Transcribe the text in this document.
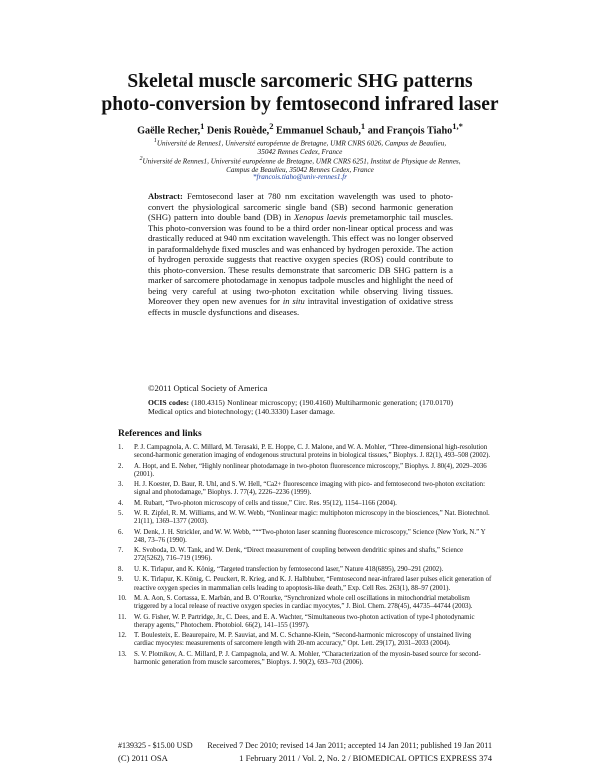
Skeletal muscle sarcomeric SHG patterns
photo-conversion by femtosecond infrared laser
Gaëlle Recher,$^1$ Denis Rouède,$^2$ Emmanuel Schaub,$^1$ and François Tiaho$^{1,*}$
$^1$Université de Rennes1, Université européenne de Bretagne, UMR CNRS 6026, Campus de Beaulieu,
35042 Rennes Cedex, France
$^2$Université de Rennes1, Université européenne de Bretagne, UMR CNRS 6251, Institut de Physique de Rennes,
Campus de Beaulieu, 35042 Rennes Cedex, France
*francois.tiaho@univ-rennes1.fr
Abstract: Femtosecond laser at 780 nm excitation wavelength was used to photo-convert the physiological sarcomeric single band (SB) second harmonic generation (SHG) pattern into double band (DB) in Xenopus laevis premetamorphic tail muscles. This photo-conversion was found to be a third order non-linear optical process and was drastically reduced at 940 nm excitation wavelength. This effect was no longer observed in paraformaldehyde fixed muscles and was enhanced by hydrogen peroxide. The action of hydrogen peroxide suggests that reactive oxygen species (ROS) could contribute to this photo-conversion. These results demonstrate that sarcomeric DB SHG pattern is a marker of sarcomere photodamage in xenopus tadpole muscles and highlight the need of being very careful at using two-photon excitation while observing living tissues. Moreover they open new avenues for in situ intravital investigation of oxidative stress effects in muscle dysfunctions and diseases.
©2011 Optical Society of America
OCIS codes: (180.4315) Nonlinear microscopy; (190.4160) Multiharmonic generation; (170.0170) Medical optics and biotechnology; (140.3330) Laser damage.
References and links
1. P. J. Campagnola, A. C. Millard, M. Terasaki, P. E. Hoppe, C. J. Malone, and W. A. Mohler, “Three-dimensional high-resolution second-harmonic generation imaging of endogenous structural proteins in biological tissues,” Biophys. J. 82(1), 493–508 (2002).
2. A. Hopt, and E. Neher, “Highly nonlinear photodamage in two-photon fluorescence microscopy,” Biophys. J. 80(4), 2029–2036 (2001).
3. H. J. Koester, D. Baur, R. Uhl, and S. W. Hell, “Ca2+ fluorescence imaging with pico- and femtosecond two-photon excitation: signal and photodamage,” Biophys. J. 77(4), 2226–2236 (1999).
4. M. Rubart, “Two-photon microscopy of cells and tissue,” Circ. Res. 95(12), 1154–1166 (2004).
5. W. R. Zipfel, R. M. Williams, and W. W. Webb, “Nonlinear magic: multiphoton microscopy in the biosciences,” Nat. Biotechnol. 21(11), 1369–1377 (2003).
6. W. Denk, J. H. Strickler, and W. W. Webb, “““Two-photon laser scanning fluorescence microscopy,” Science (New York, N.” Y 248, 73–76 (1990).
7. K. Svoboda, D. W. Tank, and W. Denk, “Direct measurement of coupling between dendritic spines and shafts,” Science 272(5262), 716–719 (1996).
8. U. K. Tirlapur, and K. König, “Targeted transfection by femtosecond laser,” Nature 418(6895), 290–291 (2002).
9. U. K. Tirlapur, K. König, C. Peuckert, R. Krieg, and K. J. Halbhuber, “Femtosecond near-infrared laser pulses elicit generation of reactive oxygen species in mammalian cells leading to apoptosis-like death,” Exp. Cell Res. 263(1), 88–97 (2001).
10. M. A. Aon, S. Cortassa, E. Marbán, and B. O’Rourke, “Synchronized whole cell oscillations in mitochondrial metabolism triggered by a local release of reactive oxygen species in cardiac myocytes,” J. Biol. Chem. 278(45), 44735–44744 (2003).
11. W. G. Fisher, W. P. Partridge, Jr., C. Dees, and E. A. Wachter, “Simultaneous two-photon activation of type-I photodynamic therapy agents,” Photochem. Photobiol. 66(2), 141–155 (1997).
12. T. Boulesteix, E. Beaurepaire, M. P. Sauviat, and M. C. Schanne-Klein, “Second-harmonic microscopy of unstained living cardiac myocytes: measurements of sarcomere length with 20-nm accuracy,” Opt. Lett. 29(17), 2031–2033 (2004).
13. S. V. Plotnikov, A. C. Millard, P. J. Campagnola, and W. A. Mohler, “Characterization of the myosin-based source for second-harmonic generation from muscle sarcomeres,” Biophys. J. 90(2), 693–703 (2006).
#139325 - $15.00 USD Received 7 Dec 2010; revised 14 Jan 2011; accepted 14 Jan 2011; published 19 Jan 2011
(C) 2011 OSA	1 February 2011 / Vol. 2, No. 2 / BIOMEDICAL OPTICS EXPRESS 374
